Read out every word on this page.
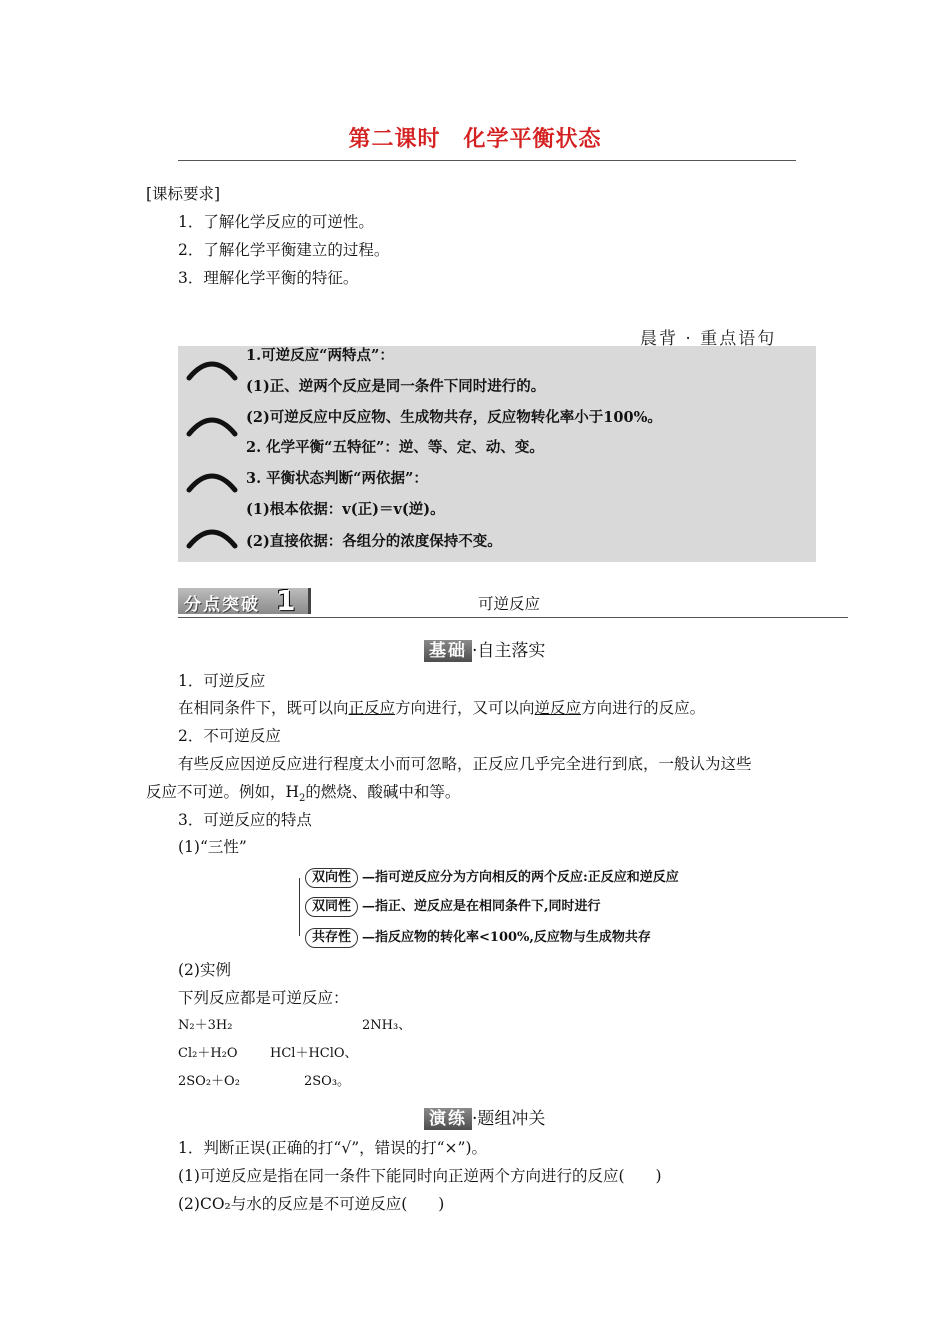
第二课时　化学平衡状态
[课标要求]
1．了解化学反应的可逆性。
2．了解化学平衡建立的过程。
3．理解化学平衡的特征。
晨背 · 重点语句
1.可逆反应“两特点”：
(1)正、逆两个反应是同一条件下同时进行的。
(2)可逆反应中反应物、生成物共存，反应物转化率小于100%。
2. 化学平衡“五特征”：逆、等、定、动、变。
3. 平衡状态判断“两依据”：
(1)根本依据：v(正)＝v(逆)。
(2)直接依据：各组分的浓度保持不变。
分点突破 1	可逆反应
基础 ·自主落实
1．可逆反应
在相同条件下，既可以向正反应方向进行，又可以向逆反应方向进行的反应。
2．不可逆反应
有些反应因逆反应进行程度太小而可忽略，正反应几乎完全进行到底，一般认为这些
反应不可逆。例如，$H_2$的燃烧、酸碱中和等。
3．可逆反应的特点
(1)“三性”
双向性 —指可逆反应分为方向相反的两个反应:正反应和逆反应
双同性 —指正、逆反应是在相同条件下,同时进行
共存性 —指反应物的转化率<100%,反应物与生成物共存
(2)实例
下列反应都是可逆反应：
N₂＋3H₂	2NH₃、
Cl₂＋H₂O HCl＋HClO、
2SO₂＋O₂	2SO₃。
演练 ·题组冲关
1．判断正误(正确的打“√”，错误的打“×”)。
(1)可逆反应是指在同一条件下能同时向正逆两个方向进行的反应(　　)
(2)CO₂与水的反应是不可逆反应(　　)
